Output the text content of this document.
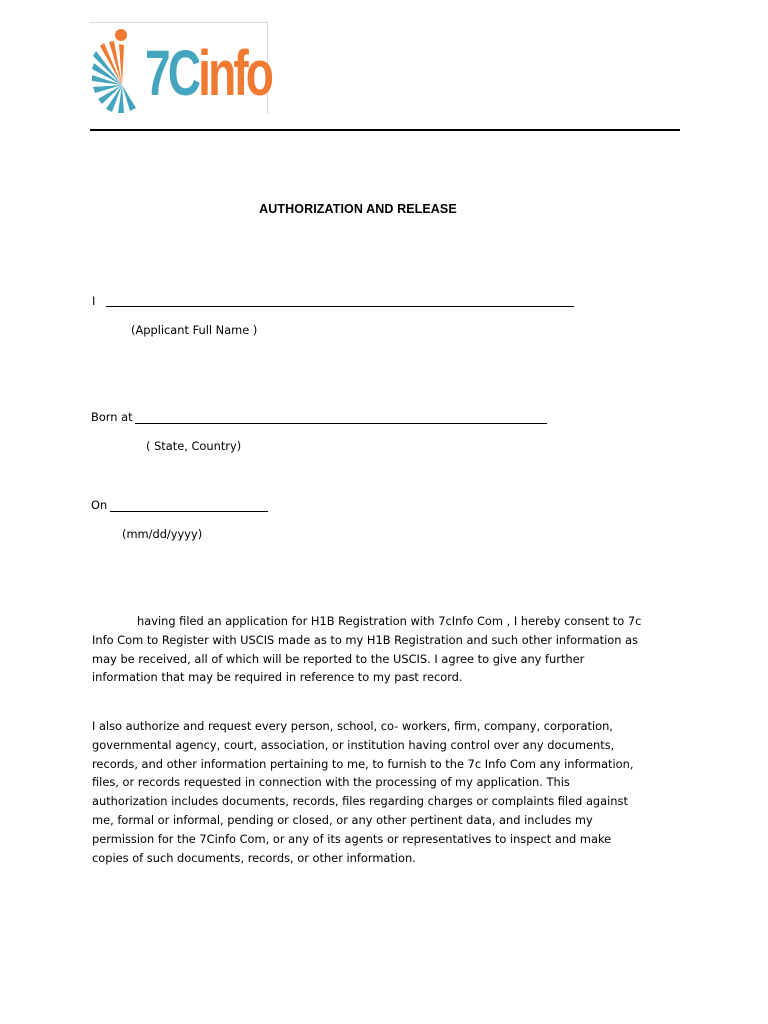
7Cinfo
AUTHORIZATION AND RELEASE
I
(Applicant Full Name )
Born at
( State, Country)
On
(mm/dd/yyyy)
having filed an application for H1B Registration with 7cInfo Com , I hereby consent to 7c
Info Com to Register with USCIS made as to my H1B Registration and such other information as
may be received, all of which will be reported to the USCIS. I agree to give any further
information that may be required in reference to my past record.
I also authorize and request every person, school, co- workers, firm, company, corporation,
governmental agency, court, association, or institution having control over any documents,
records, and other information pertaining to me, to furnish to the 7c Info Com any information,
files, or records requested in connection with the processing of my application. This
authorization includes documents, records, files regarding charges or complaints filed against
me, formal or informal, pending or closed, or any other pertinent data, and includes my
permission for the 7Cinfo Com, or any of its agents or representatives to inspect and make
copies of such documents, records, or other information.
